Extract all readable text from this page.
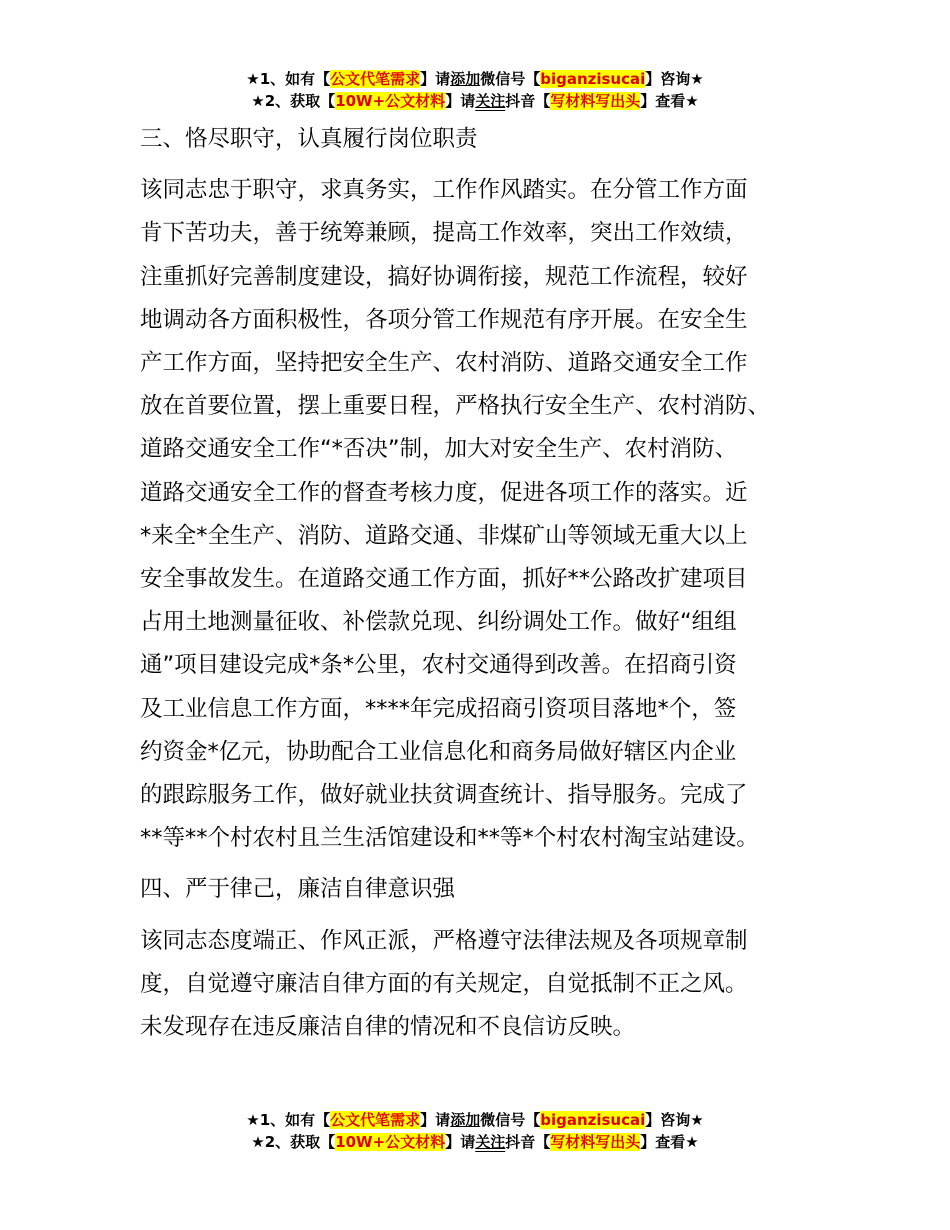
★1、如有【公文代笔需求】请添加微信号【biganzisucai】咨询★
★2、获取【10W+公文材料】请关注抖音【写材料写出头】查看★

三、恪尽职守，认真履行岗位职责

该同志忠于职守，求真务实，工作作风踏实。在分管工作方面
肯下苦功夫，善于统筹兼顾，提高工作效率，突出工作效绩，
注重抓好完善制度建设，搞好协调衔接，规范工作流程，较好
地调动各方面积极性，各项分管工作规范有序开展。在安全生
产工作方面，坚持把安全生产、农村消防、道路交通安全工作
放在首要位置，摆上重要日程，严格执行安全生产、农村消防、
道路交通安全工作“*否决”制，加大对安全生产、农村消防、
道路交通安全工作的督查考核力度，促进各项工作的落实。近
*来全*全生产、消防、道路交通、非煤矿山等领域无重大以上
安全事故发生。在道路交通工作方面，抓好**公路改扩建项目
占用土地测量征收、补偿款兑现、纠纷调处工作。做好“组组
通”项目建设完成*条*公里，农村交通得到改善。在招商引资
及工业信息工作方面，****年完成招商引资项目落地*个，签
约资金*亿元，协助配合工业信息化和商务局做好辖区内企业
的跟踪服务工作，做好就业扶贫调查统计、指导服务。完成了
**等**个村农村且兰生活馆建设和**等*个村农村淘宝站建设。

四、严于律己，廉洁自律意识强

该同志态度端正、作风正派，严格遵守法律法规及各项规章制
度，自觉遵守廉洁自律方面的有关规定，自觉抵制不正之风。
未发现存在违反廉洁自律的情况和不良信访反映。
★1、如有【公文代笔需求】请添加微信号【biganzisucai】咨询★
★2、获取【10W+公文材料】请关注抖音【写材料写出头】查看★
